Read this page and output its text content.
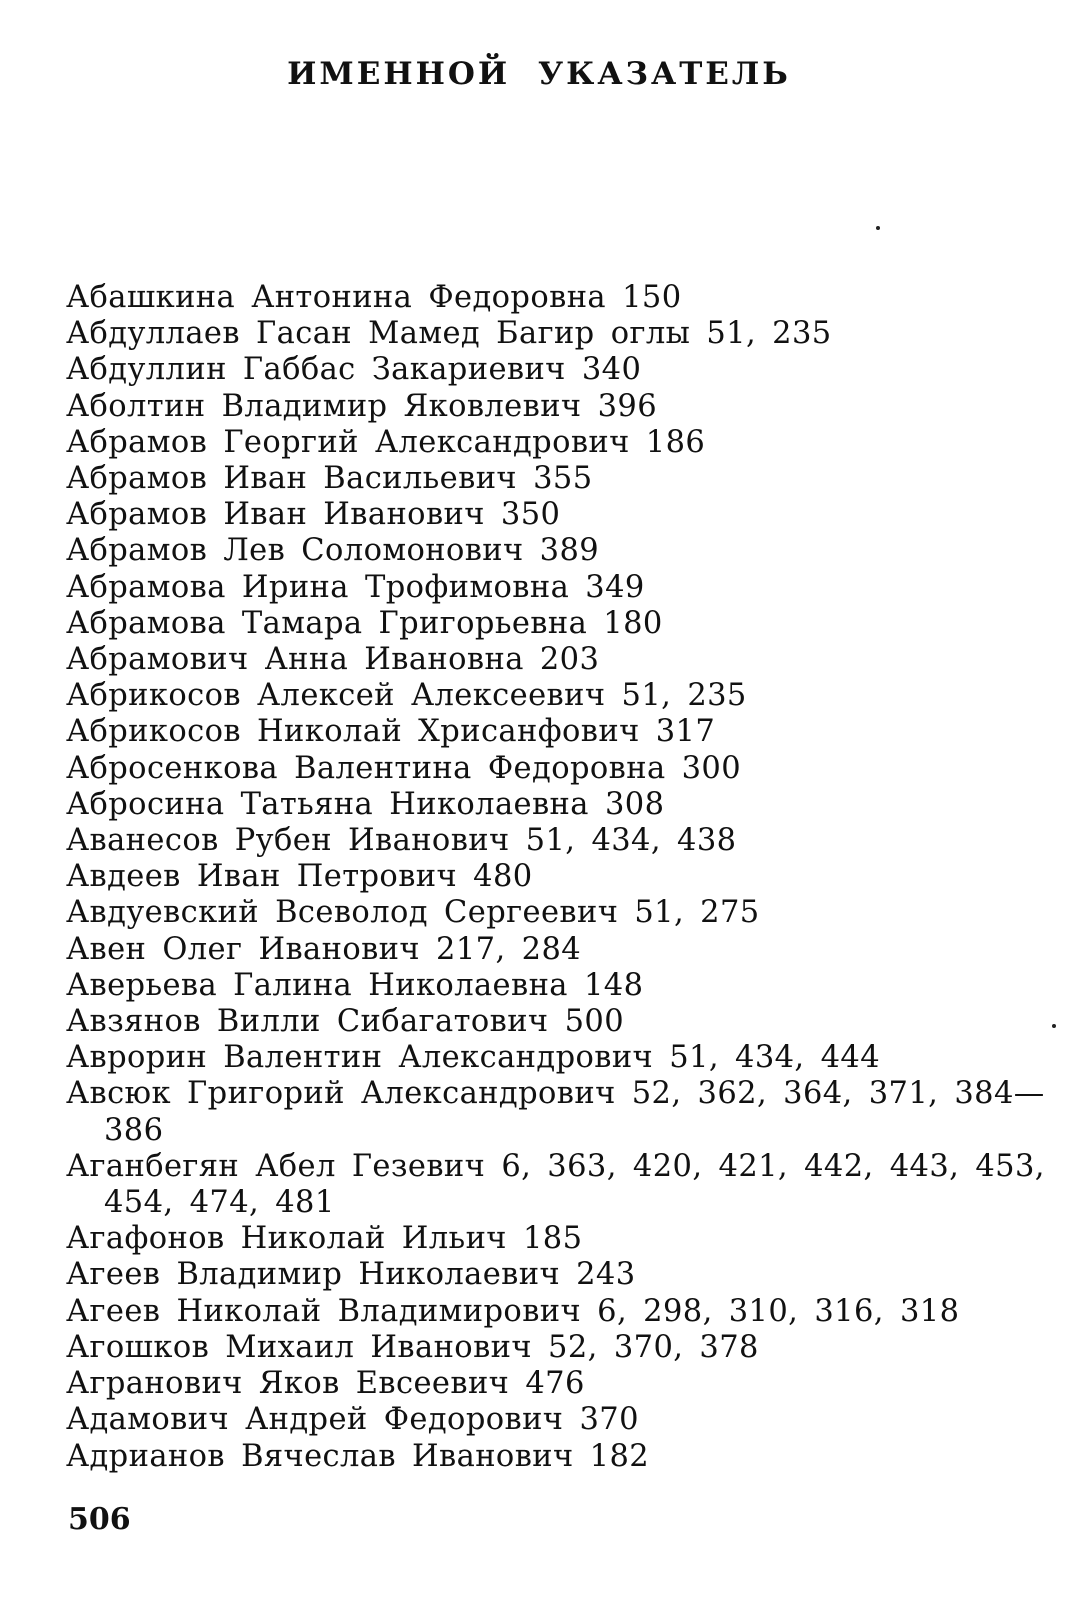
ИМЕННОЙ УКАЗАТЕЛЬ
Абашкина Антонина Федоровна 150
Абдуллаев Гасан Мамед Багир оглы 51, 235
Абдуллин Габбас Закариевич 340
Аболтин Владимир Яковлевич 396
Абрамов Георгий Александрович 186
Абрамов Иван Васильевич 355
Абрамов Иван Иванович 350
Абрамов Лев Соломонович 389
Абрамова Ирина Трофимовна 349
Абрамова Тамара Григорьевна 180
Абрамович Анна Ивановна 203
Абрикосов Алексей Алексеевич 51, 235
Абрикосов Николай Хрисанфович 317
Абросенкова Валентина Федоровна 300
Абросина Татьяна Николаевна 308
Аванесов Рубен Иванович 51, 434, 438
Авдеев Иван Петрович 480
Авдуевский Всеволод Сергеевич 51, 275
Авен Олег Иванович 217, 284
Аверьева Галина Николаевна 148
Авзянов Вилли Сибагатович 500
Аврорин Валентин Александрович 51, 434, 444
Авсюк Григорий Александрович 52, 362, 364, 371, 384—386
Аганбегян Абел Гезевич 6, 363, 420, 421, 442, 443, 453, 454, 474, 481
Агафонов Николай Ильич 185
Агеев Владимир Николаевич 243
Агеев Николай Владимирович 6, 298, 310, 316, 318
Агошков Михаил Иванович 52, 370, 378
Агранович Яков Евсеевич 476
Адамович Андрей Федорович 370
Адрианов Вячеслав Иванович 182
506
